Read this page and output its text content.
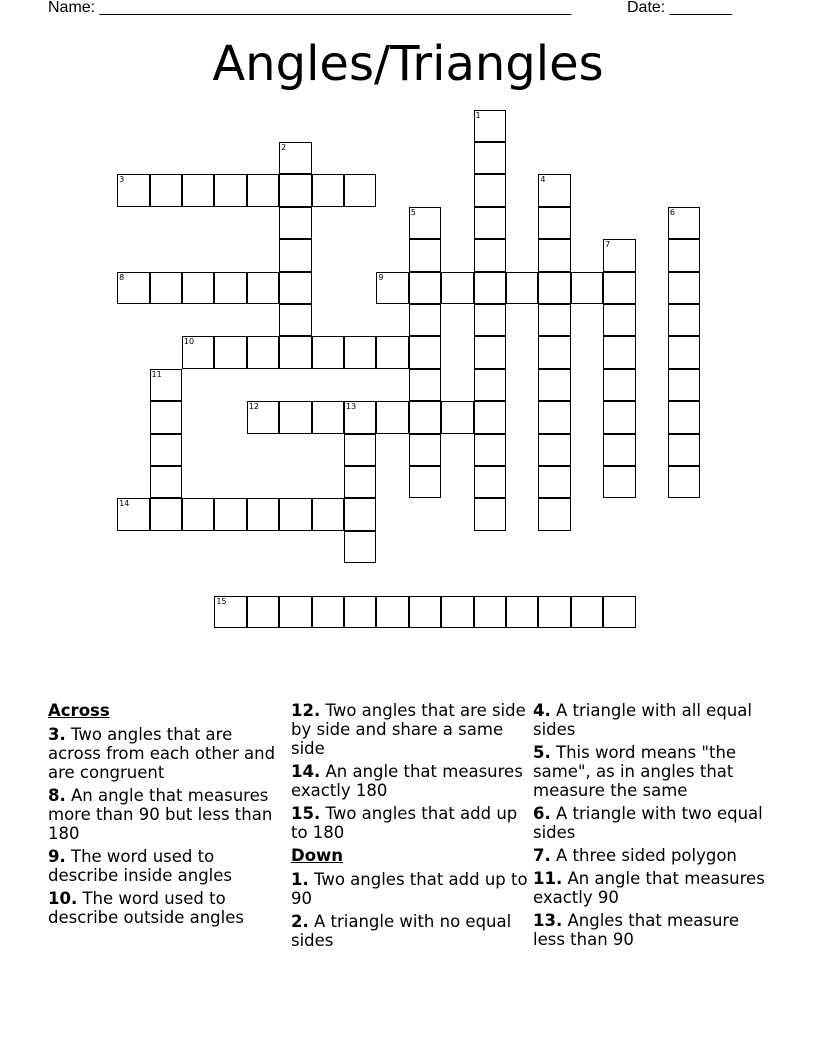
Name: _____________________________________________________	Date: _______
Angles/Triangles
1
2
3	4
5	6
7
8	9
10
11
12	13
14
15
Across
3. Two angles that are across from each other and are congruent
8. An angle that measures more than 90 but less than 180
9. The word used to describe inside angles
10. The word used to describe outside angles
12. Two angles that are side by side and share a same side
14. An angle that measures exactly 180
15. Two angles that add up to 180
Down
1. Two angles that add up to 90
2. A triangle with no equal sides
4. A triangle with all equal sides
5. This word means "the same", as in angles that measure the same
6. A triangle with two equal sides
7. A three sided polygon
11. An angle that measures exactly 90
13. Angles that measure less than 90
